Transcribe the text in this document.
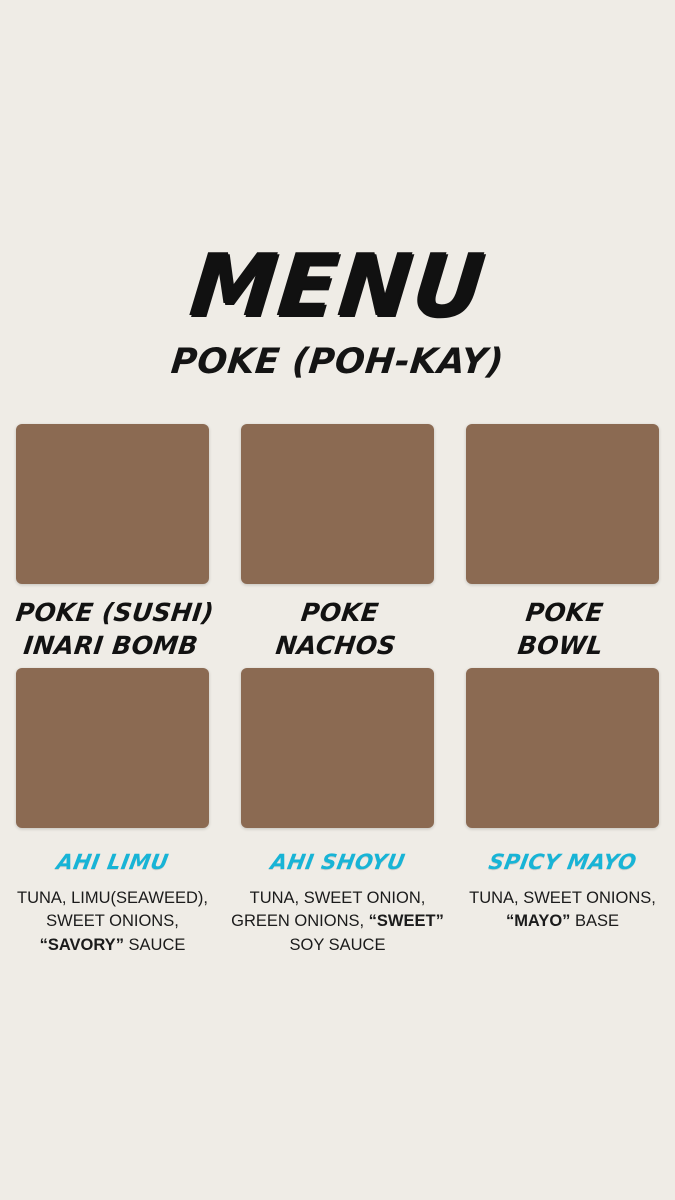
MENU
POKE (POH-KAY)
POKE (SUSHI)
INARI BOMB
POKE
NACHOS
POKE
BOWL
AHI LIMU
TUNA, LIMU(SEAWEED), SWEET ONIONS, “SAVORY” SAUCE
AHI SHOYU
TUNA, SWEET ONION, GREEN ONIONS, “SWEET” SOY SAUCE
SPICY MAYO
TUNA, SWEET ONIONS, “MAYO” BASE
